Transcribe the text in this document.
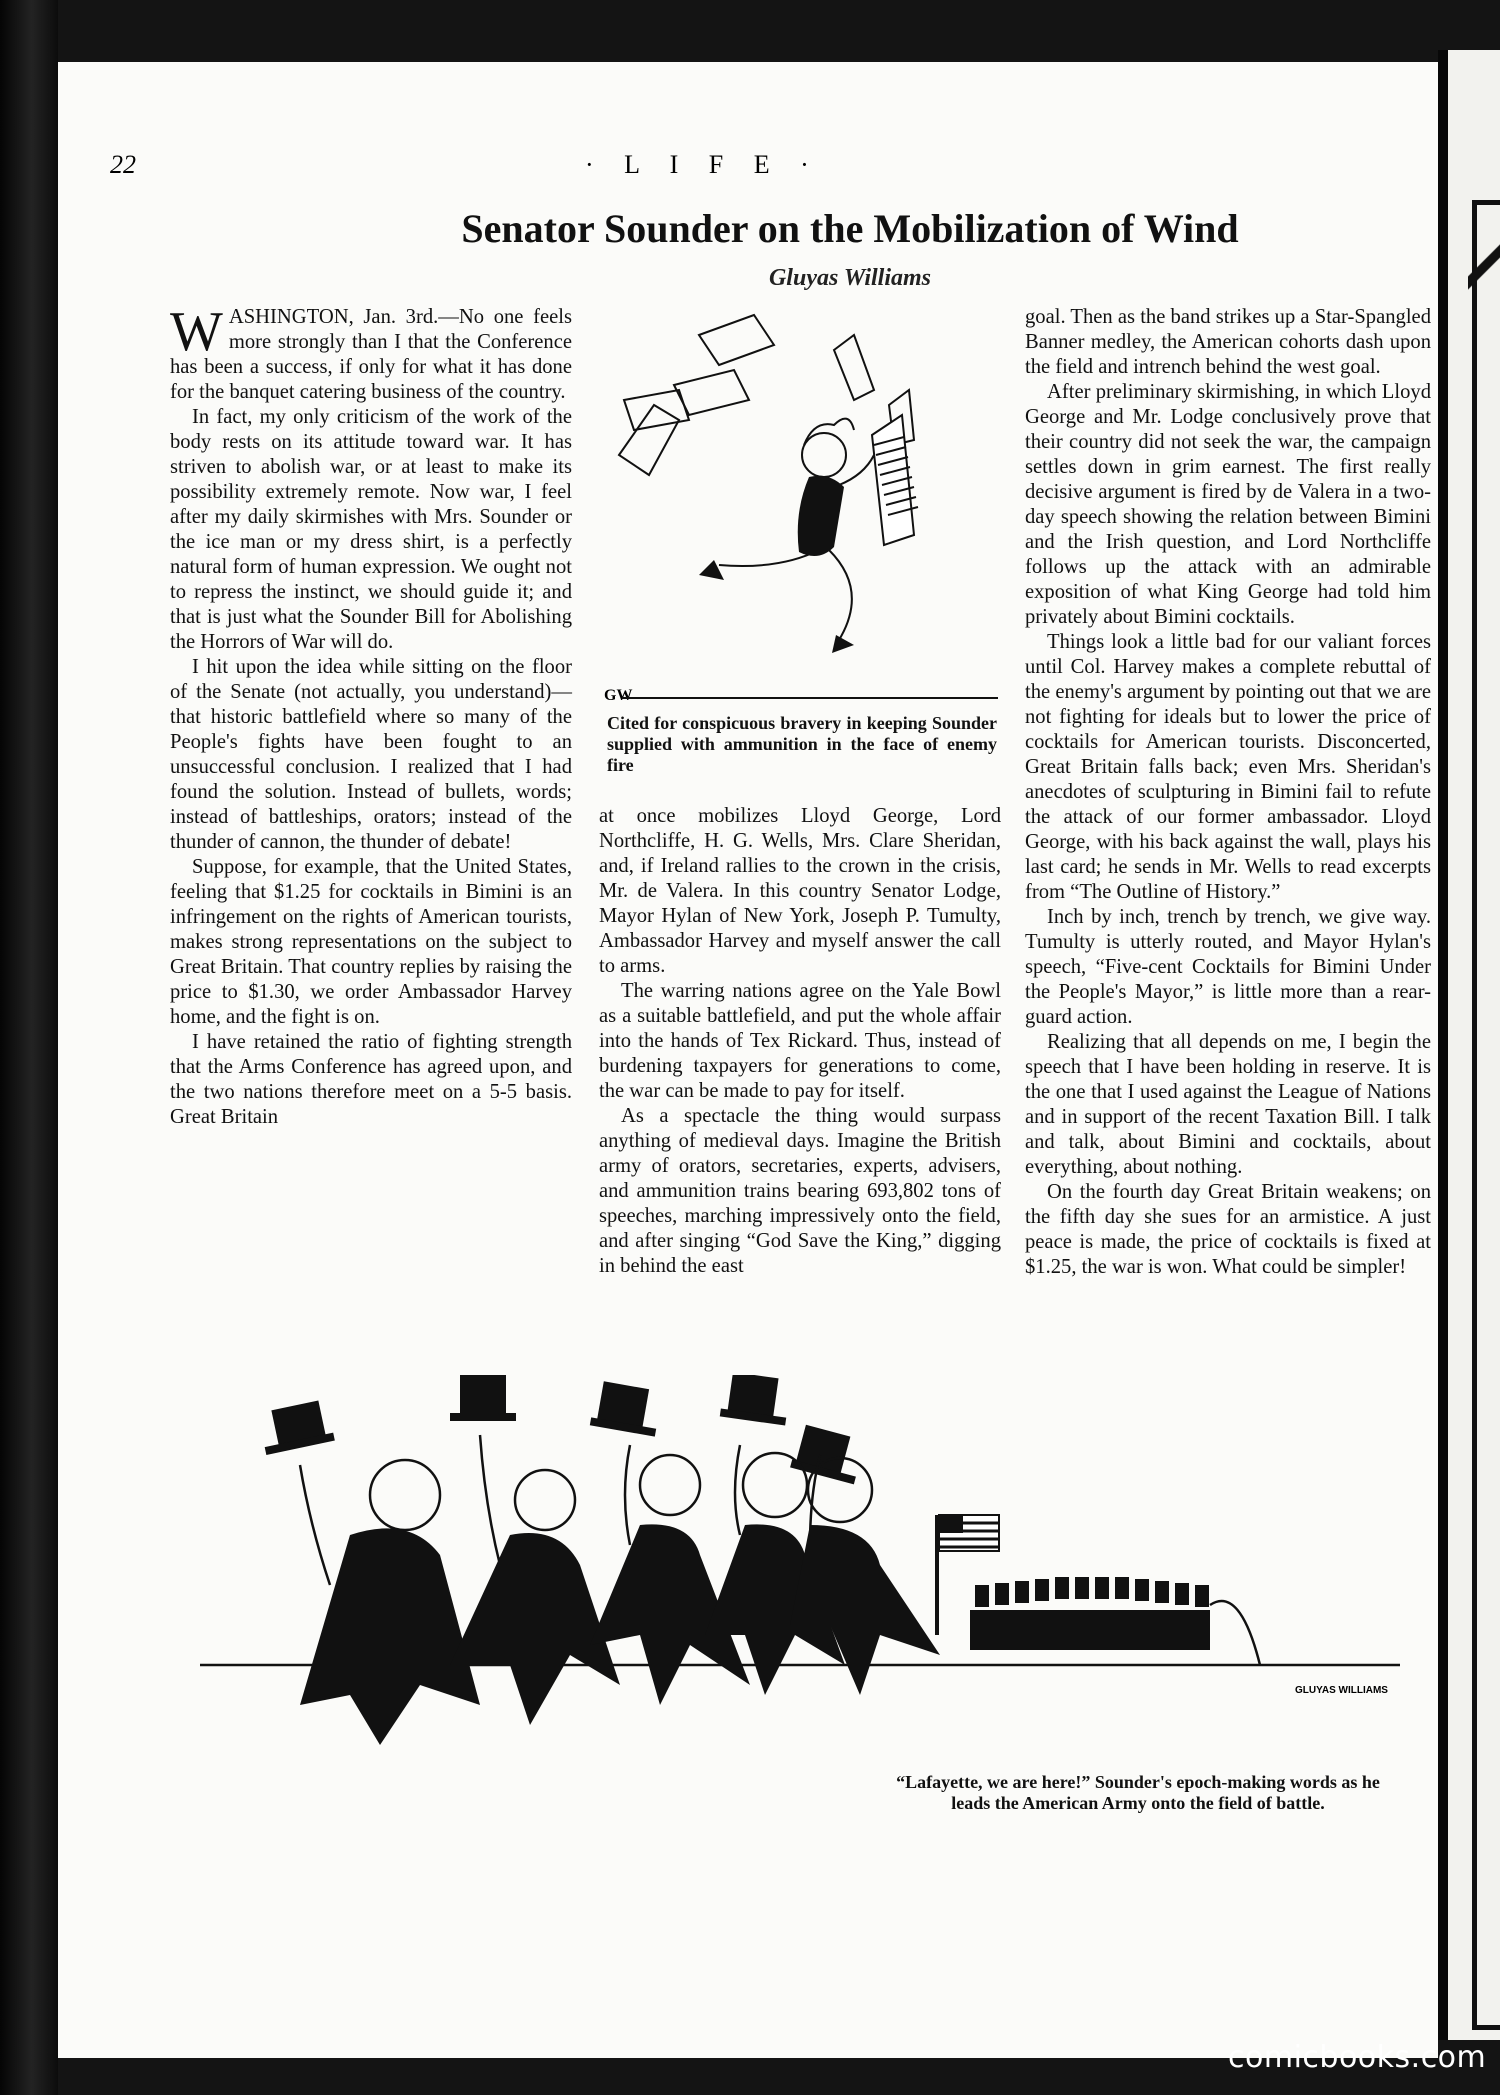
22	· L I F E ·
Senator Sounder on the Mobilization of Wind
Gluyas Williams

WASHINGTON, Jan. 3rd.—No one feels more strongly than I that the Conference has been a success, if only for what it has done for the banquet catering business of the country.

In fact, my only criticism of the work of the body rests on its attitude toward war. It has striven to abolish war, or at least to make its possibility extremely remote. Now war, I feel after my daily skirmishes with Mrs. Sounder or the ice man or my dress shirt, is a perfectly natural form of human expression. We ought not to repress the instinct, we should guide it; and that is just what the Sounder Bill for Abolishing the Horrors of War will do.

I hit upon the idea while sitting on the floor of the Senate (not actually, you understand)—that historic battlefield where so many of the People's fights have been fought to an unsuccessful conclusion. I realized that I had found the solution. Instead of bullets, words; instead of battleships, orators; instead of the thunder of cannon, the thunder of debate!

Suppose, for example, that the United States, feeling that $1.25 for cocktails in Bimini is an infringement on the rights of American tourists, makes strong representations on the subject to Great Britain. That country replies by raising the price to $1.30, we order Ambassador Harvey home, and the fight is on.

I have retained the ratio of fighting strength that the Arms Conference has agreed upon, and the two nations therefore meet on a 5-5 basis. Great Britain

at once mobilizes Lloyd George, Lord Northcliffe, H. G. Wells, Mrs. Clare Sheridan, and, if Ireland rallies to the crown in the crisis, Mr. de Valera. In this country Senator Lodge, Mayor Hylan of New York, Joseph P. Tumulty, Ambassador Harvey and myself answer the call to arms.

The warring nations agree on the Yale Bowl as a suitable battlefield, and put the whole affair into the hands of Tex Rickard. Thus, instead of burdening taxpayers for generations to come, the war can be made to pay for itself.

As a spectacle the thing would surpass anything of medieval days. Imagine the British army of orators, secretaries, experts, advisers, and ammunition trains bearing 693,802 tons of speeches, marching impressively onto the field, and after singing “God Save the King,” digging in behind the east

goal. Then as the band strikes up a Star-Spangled Banner medley, the American cohorts dash upon the field and intrench behind the west goal.

After preliminary skirmishing, in which Lloyd George and Mr. Lodge conclusively prove that their country did not seek the war, the campaign settles down in grim earnest. The first really decisive argument is fired by de Valera in a two-day speech showing the relation between Bimini and the Irish question, and Lord Northcliffe follows up the attack with an admirable exposition of what King George had told him privately about Bimini cocktails.

Things look a little bad for our valiant forces until Col. Harvey makes a complete rebuttal of the enemy's argument by pointing out that we are not fighting for ideals but to lower the price of cocktails for American tourists. Disconcerted, Great Britain falls back; even Mrs. Sheridan's anecdotes of sculpturing in Bimini fail to refute the attack of our former ambassador. Lloyd George, with his back against the wall, plays his last card; he sends in Mr. Wells to read excerpts from “The Outline of History.”

Inch by inch, trench by trench, we give way. Tumulty is utterly routed, and Mayor Hylan's speech, “Five-cent Cocktails for Bimini Under the People's Mayor,” is little more than a rear-guard action.

Realizing that all depends on me, I begin the speech that I have been holding in reserve. It is the one that I used against the League of Nations and in support of the recent Taxation Bill. I talk and talk, about Bimini and cocktails, about everything, about nothing.

On the fourth day Great Britain weakens; on the fifth day she sues for an armistice. A just peace is made, the price of cocktails is fixed at $1.25, the war is won. What could be simpler!

GW
Cited for conspicuous bravery in keeping Sounder supplied with ammunition in the face of enemy fire
GLUYAS WILLIAMS
“Lafayette, we are here!” Sounder's epoch-making words as he leads the American Army onto the field of battle.
comicbooks.com
